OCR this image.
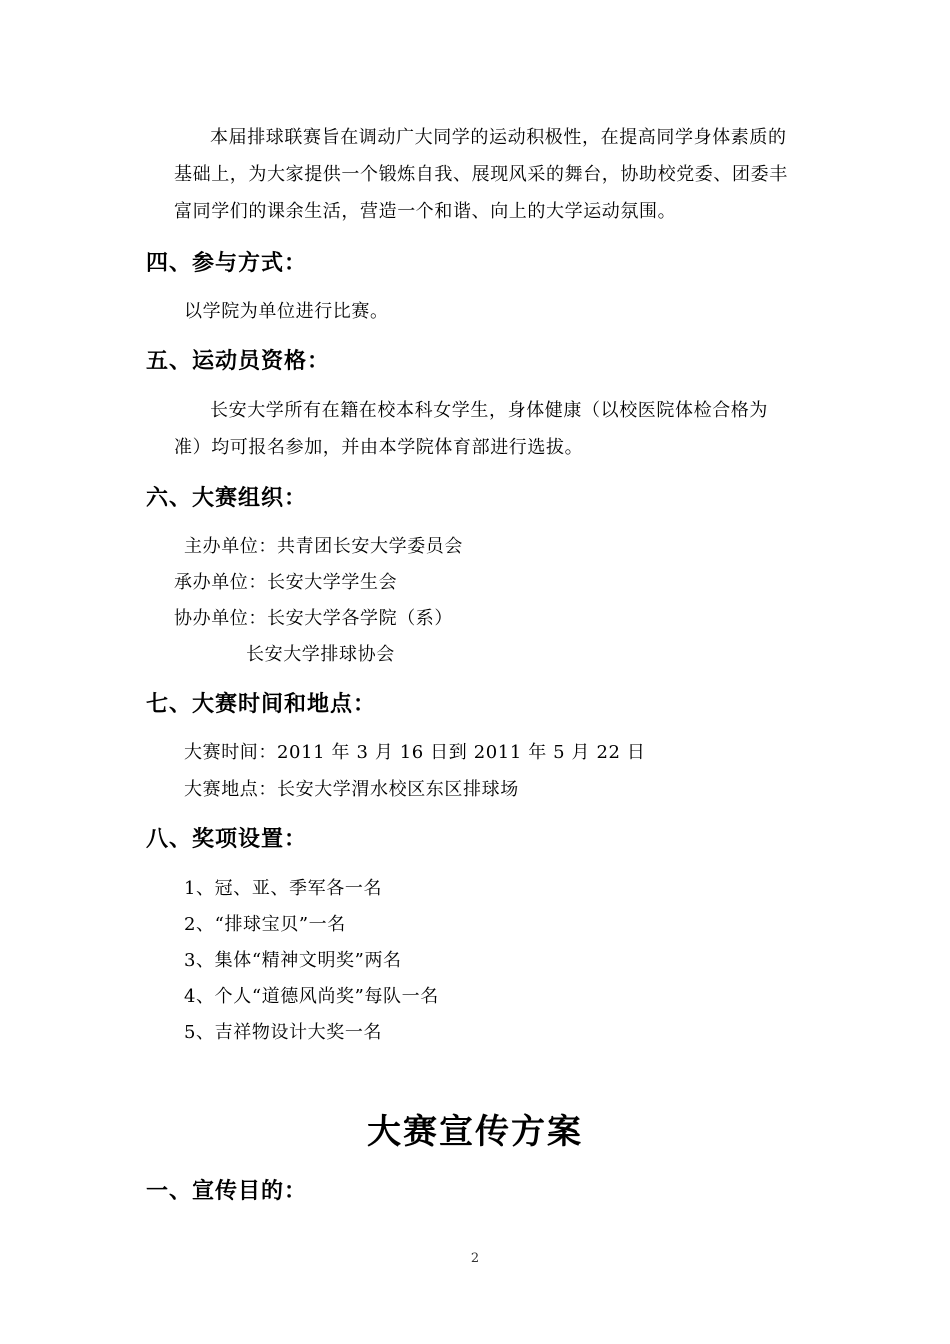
本届排球联赛旨在调动广大同学的运动积极性，在提高同学身体素质的
基础上，为大家提供一个锻炼自我、展现风采的舞台，协助校党委、团委丰
富同学们的课余生活，营造一个和谐、向上的大学运动氛围。
四、参与方式：
以学院为单位进行比赛。
五、运动员资格：
长安大学所有在籍在校本科女学生，身体健康（以校医院体检合格为
准）均可报名参加，并由本学院体育部进行选拔。
六、大赛组织：
主办单位：共青团长安大学委员会
承办单位：长安大学学生会
协办单位：长安大学各学院（系）
长安大学排球协会
七、大赛时间和地点：
大赛时间：2011 年 3 月 16 日到 2011 年 5 月 22 日
大赛地点：长安大学渭水校区东区排球场
八、奖项设置：
1、冠、亚、季军各一名
2、“排球宝贝”一名
3、集体“精神文明奖”两名
4、个人“道德风尚奖”每队一名
5、吉祥物设计大奖一名
大赛宣传方案
一、宣传目的：
2
